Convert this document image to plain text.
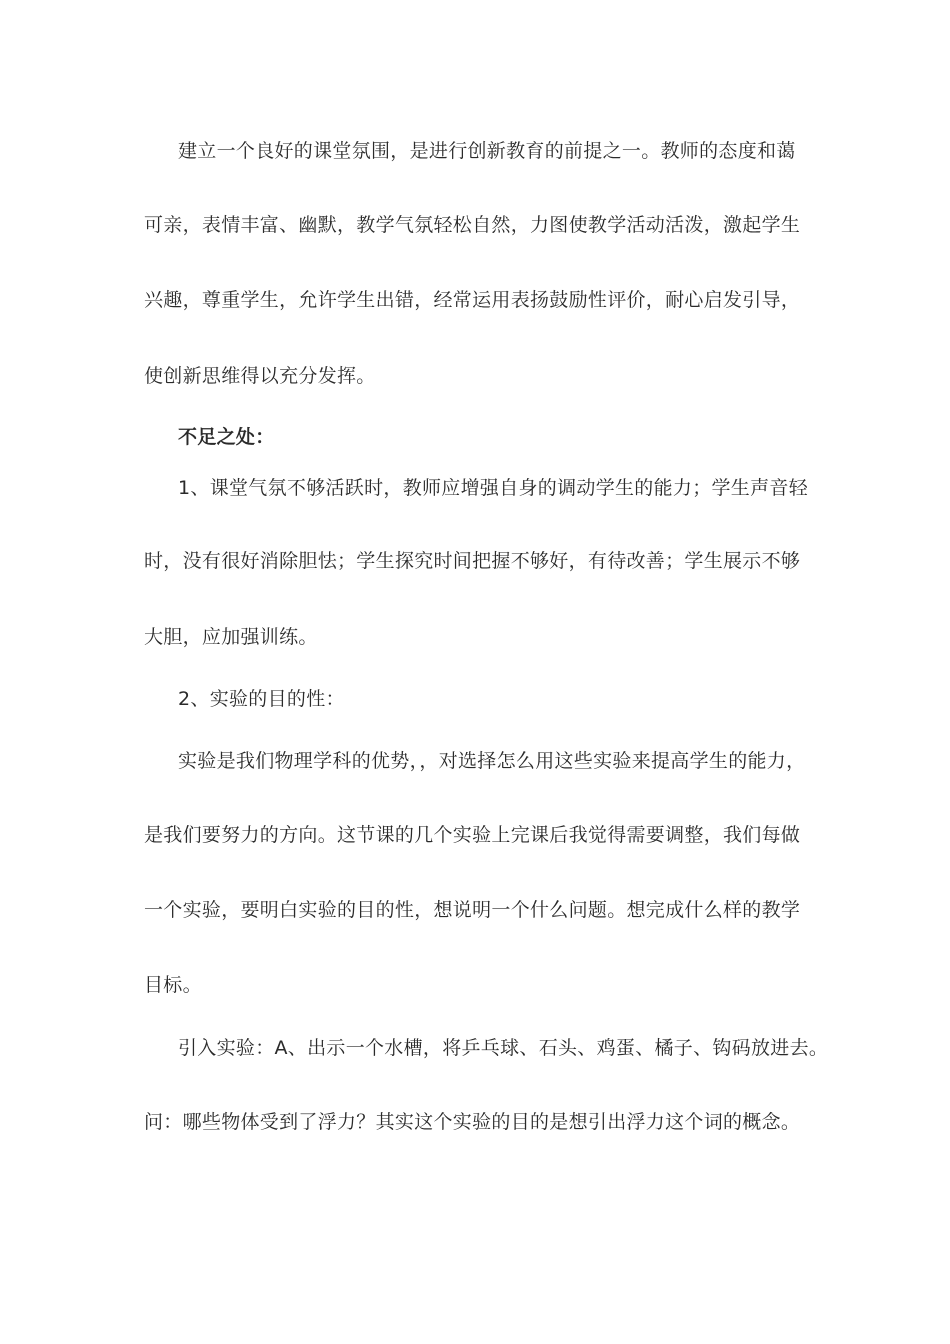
建立一个良好的课堂氛围，是进行创新教育的前提之一。教师的态度和蔼
可亲，表情丰富、幽默，教学气氛轻松自然，力图使教学活动活泼，激起学生
兴趣，尊重学生，允许学生出错，经常运用表扬鼓励性评价，耐心启发引导，
使创新思维得以充分发挥。
不足之处：
1、课堂气氛不够活跃时，教师应增强自身的调动学生的能力；学生声音轻
时，没有很好消除胆怯；学生探究时间把握不够好，有待改善；学生展示不够
大胆，应加强训练。
2、实验的目的性：
实验是我们物理学科的优势，，对选择怎么用这些实验来提高学生的能力，
是我们要努力的方向。这节课的几个实验上完课后我觉得需要调整，我们每做
一个实验，要明白实验的目的性，想说明一个什么问题。想完成什么样的教学
目标。
引入实验：A、出示一个水槽，将乒乓球、石头、鸡蛋、橘子、钩码放进去。
问：哪些物体受到了浮力？其实这个实验的目的是想引出浮力这个词的概念。
